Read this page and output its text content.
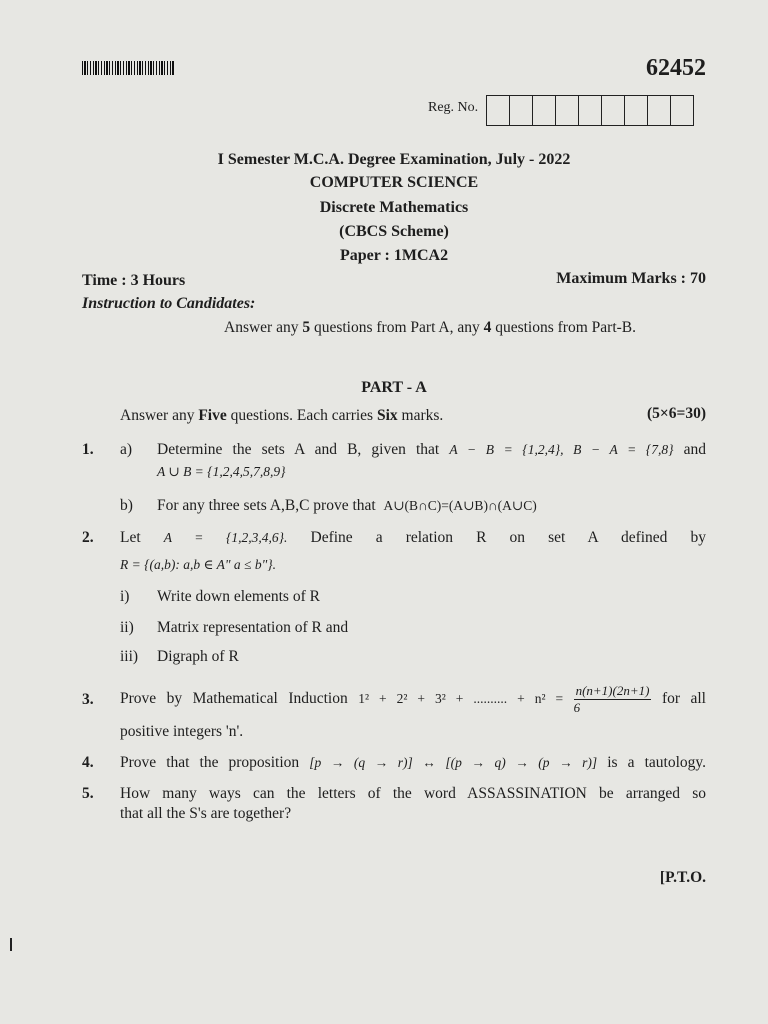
62452
Reg. No.
I Semester M.C.A. Degree Examination, July - 2022
COMPUTER SCIENCE
Discrete Mathematics
(CBCS Scheme)
Paper : 1MCA2
Time : 3 Hours	Maximum Marks : 70
Instruction to Candidates:
Answer any 5 questions from Part A, any 4 questions from Part-B.
PART - A
Answer any Five questions. Each carries Six marks.	(5×6=30)
1. a) Determine the sets A and B, given that A − B = {1,2,4}, B − A = {7,8} and
A ∪ B = {1,2,4,5,7,8,9}
b) For any three sets A,B,C prove that A∪(B∩C)=(A∪B)∩(A∪C)
2. Let A = {1,2,3,4,6}. Define a relation R on set A defined by
R = {(a,b): a,b ∈ A" a ≤ b"}.
i) Write down elements of R
ii) Matrix representation of R and
iii) Digraph of R
3. Prove by Mathematical Induction 1² + 2² + 3² + .......... + $n^2 = \frac{n(n+1)(2n+1)}{6}$ for all
positive integers 'n'.
4. Prove that the proposition [p → (q → r)] ↔ [(p → q) → (p → r)] is a tautology.
5. How many ways can the letters of the word ASSASSINATION be arranged so
that all the S's are together?
[P.T.O.
